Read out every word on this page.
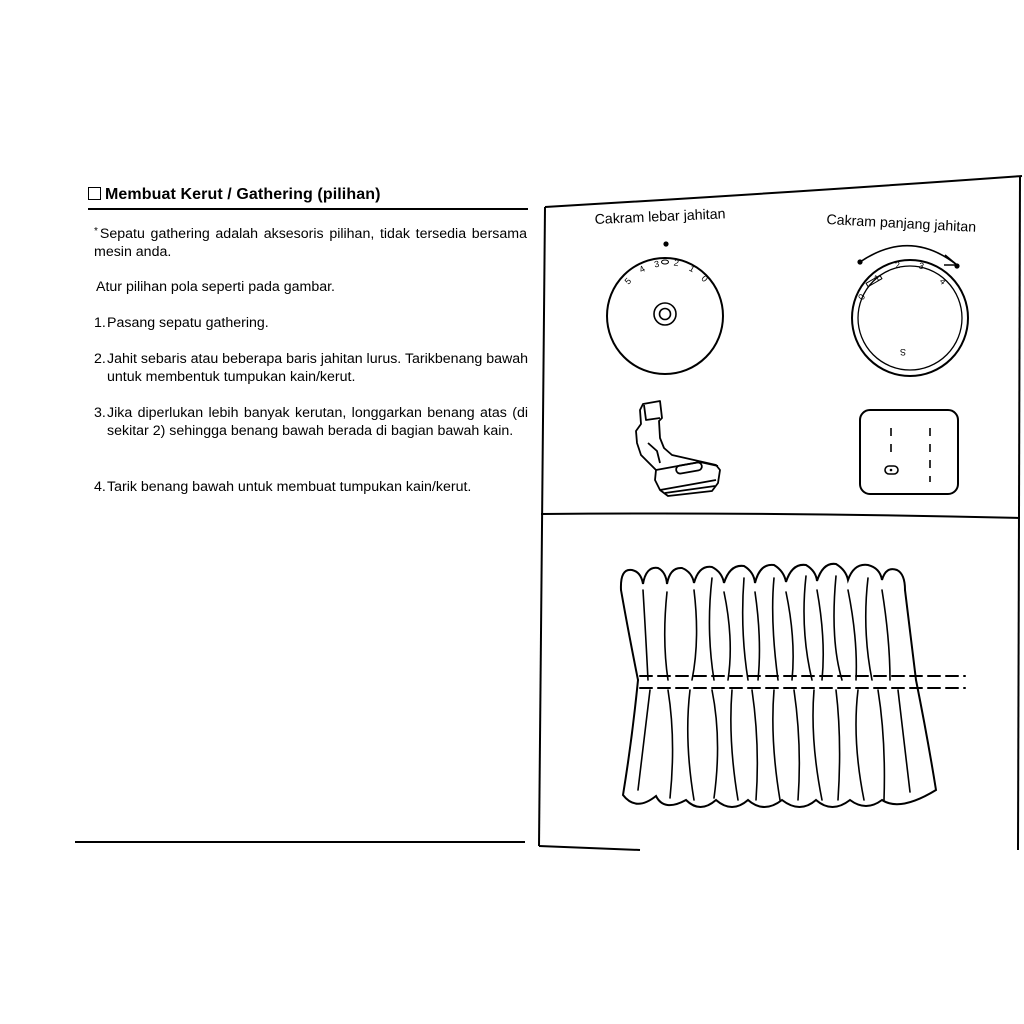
Membuat Kerut / Gathering (pilihan)
* Sepatu gathering adalah aksesoris pilihan, tidak tersedia bersama mesin anda.
Atur pilihan pola seperti pada gambar.
1. Pasang sepatu gathering.
2. Jahit sebaris atau beberapa baris jahitan lurus. Tarikbenang bawah untuk membentuk tumpukan kain/kerut.
3. Jika diperlukan lebih banyak kerutan, longgarkan benang atas (di sekitar 2) sehingga benang bawah berada di bagian bawah kain.
4. Tarik benang bawah untuk membuat tumpukan kain/kerut.
5
4 3 2
1
0
0
1
2 3
4
S
Cakram lebar jahitan	Cakram panjang jahitan
